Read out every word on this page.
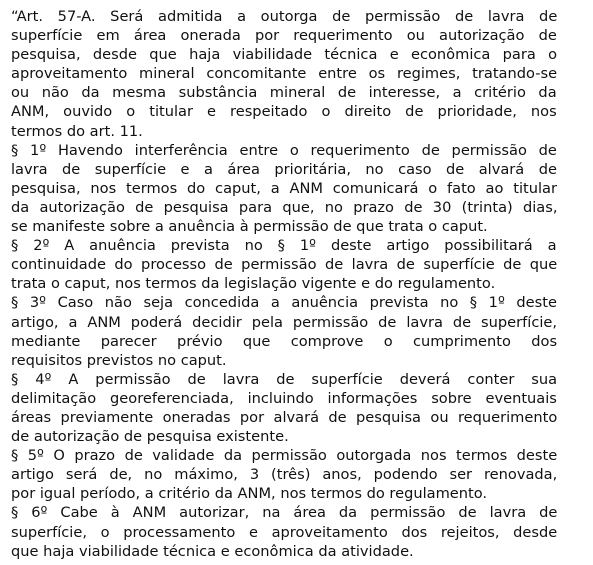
“Art. 57-A. Será admitida a outorga de permissão de lavra de
superfície em área onerada por requerimento ou autorização de
pesquisa, desde que haja viabilidade técnica e econômica para o
aproveitamento mineral concomitante entre os regimes, tratando-se
ou não da mesma substância mineral de interesse, a critério da
ANM, ouvido o titular e respeitado o direito de prioridade, nos
termos do art. 11.

§ 1º Havendo interferência entre o requerimento de permissão de
lavra de superfície e a área prioritária, no caso de alvará de
pesquisa, nos termos do caput, a ANM comunicará o fato ao titular
da autorização de pesquisa para que, no prazo de 30 (trinta) dias,
se manifeste sobre a anuência à permissão de que trata o caput.

§ 2º A anuência prevista no § 1º deste artigo possibilitará a
continuidade do processo de permissão de lavra de superfície de que
trata o caput, nos termos da legislação vigente e do regulamento.

§ 3º Caso não seja concedida a anuência prevista no § 1º deste
artigo, a ANM poderá decidir pela permissão de lavra de superfície,
mediante parecer prévio que comprove o cumprimento dos
requisitos previstos no caput.

§ 4º A permissão de lavra de superfície deverá conter sua
delimitação georeferenciada, incluindo informações sobre eventuais
áreas previamente oneradas por alvará de pesquisa ou requerimento
de autorização de pesquisa existente.

§ 5º O prazo de validade da permissão outorgada nos termos deste
artigo será de, no máximo, 3 (três) anos, podendo ser renovada,
por igual período, a critério da ANM, nos termos do regulamento.

§ 6º Cabe à ANM autorizar, na área da permissão de lavra de
superfície, o processamento e aproveitamento dos rejeitos, desde
que haja viabilidade técnica e econômica da atividade.
